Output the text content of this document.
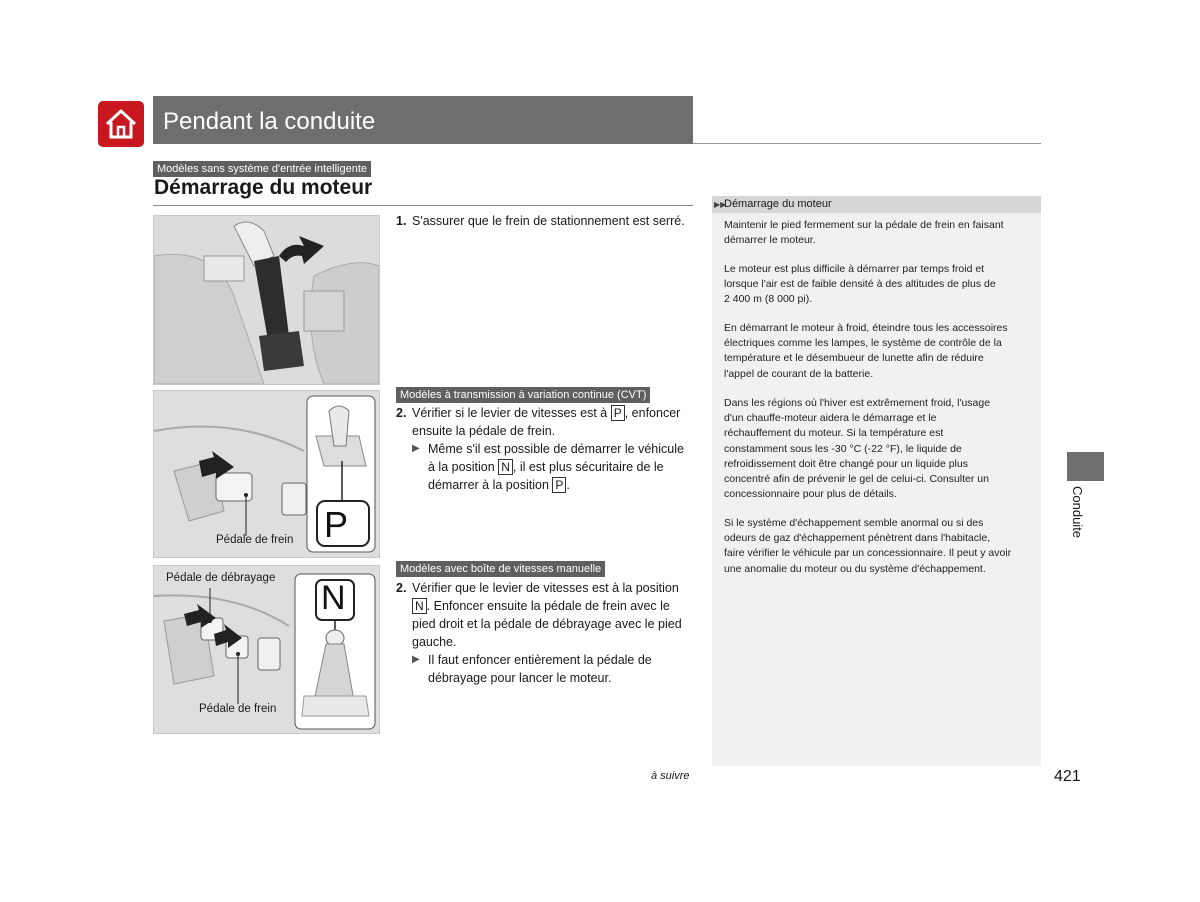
Pendant la conduite
Modèles sans système d'entrée intelligente
Démarrage du moteur
1. S'assurer que le frein de stationnement est serré.
P
Pédale de frein
Modèles à transmission à variation continue (CVT)
2. Vérifier si le levier de vitesses est à P , enfoncer
ensuite la pédale de frein.
▶ Même s'il est possible de démarrer le véhicule
à la position N , il est plus sécuritaire de le
démarrer à la position P .
N
Pédale de débrayage
Pédale de frein
Modèles avec boîte de vitesses manuelle
2. Vérifier que le levier de vitesses est à la position
N . Enfoncer ensuite la pédale de frein avec le
pied droit et la pédale de débrayage avec le pied
gauche.
▶ Il faut enfoncer entièrement la pédale de
débrayage pour lancer le moteur.
▶▶
Démarrage du moteur
Maintenir le pied fermement sur la pédale de frein en faisant
démarrer le moteur.
Le moteur est plus difficile à démarrer par temps froid et
lorsque l'air est de faible densité à des altitudes de plus de
2 400 m (8 000 pi).
En démarrant le moteur à froid, éteindre tous les accessoires
électriques comme les lampes, le système de contrôle de la
température et le désembueur de lunette afin de réduire
l'appel de courant de la batterie.
Dans les régions où l'hiver est extrêmement froid, l'usage
d'un chauffe-moteur aidera le démarrage et le
réchauffement du moteur. Si la température est
constamment sous les -30 °C (-22 °F), le liquide de
refroidissement doit être changé pour un liquide plus
concentré afin de prévenir le gel de celui-ci. Consulter un
concessionnaire pour plus de détails.
Si le système d'échappement semble anormal ou si des
odeurs de gaz d'échappement pénètrent dans l'habitacle,
faire vérifier le véhicule par un concessionnaire. Il peut y avoir
une anomalie du moteur ou du système d'échappement.
Conduite
à suivre	421
